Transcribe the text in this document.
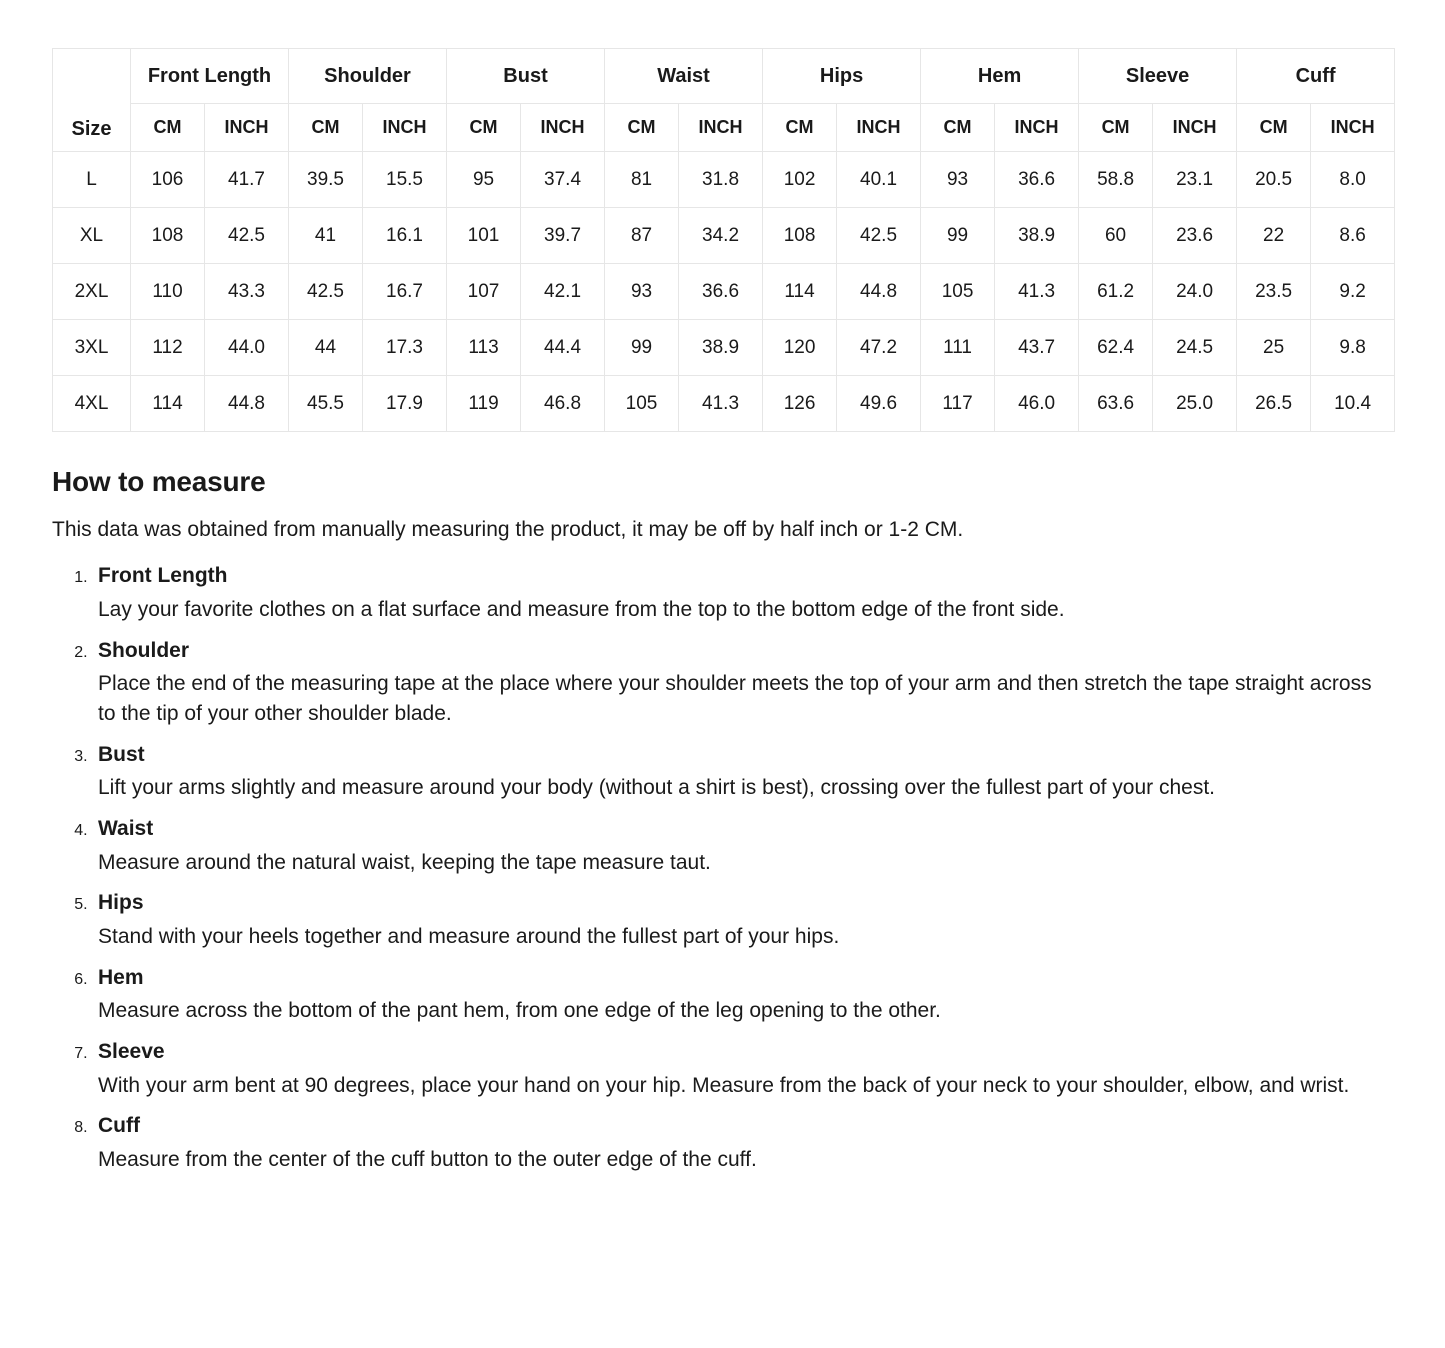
Size	Front Length		Shoulder		Bust		Waist		Hips		Hem		Sleeve		Cuff	
	CM	INCH	CM	INCH	CM	INCH	CM	INCH	CM	INCH	CM	INCH	CM	INCH	CM	INCH
L	106	41.7	39.5	15.5	95	37.4	81	31.8	102	40.1	93	36.6	58.8	23.1	20.5	8.0
XL	108	42.5	41	16.1	101	39.7	87	34.2	108	42.5	99	38.9	60	23.6	22	8.6
2XL	110	43.3	42.5	16.7	107	42.1	93	36.6	114	44.8	105	41.3	61.2	24.0	23.5	9.2
3XL	112	44.0	44	17.3	113	44.4	99	38.9	120	47.2	111	43.7	62.4	24.5	25	9.8
4XL	114	44.8	45.5	17.9	119	46.8	105	41.3	126	49.6	117	46.0	63.6	25.0	26.5	10.4
How to measure

This data was obtained from manually measuring the product, it may be off by half inch or 1-2 CM.

1. Front Length
Lay your favorite clothes on a flat surface and measure from the top to the bottom edge of the front side.
2. Shoulder
Place the end of the measuring tape at the place where your shoulder meets the top of your arm and then stretch the tape straight across to the tip of your other shoulder blade.
3. Bust
Lift your arms slightly and measure around your body (without a shirt is best), crossing over the fullest part of your chest.
4. Waist
Measure around the natural waist, keeping the tape measure taut.
5. Hips
Stand with your heels together and measure around the fullest part of your hips.
6. Hem
Measure across the bottom of the pant hem, from one edge of the leg opening to the other.
7. Sleeve
With your arm bent at 90 degrees, place your hand on your hip. Measure from the back of your neck to your shoulder, elbow, and wrist.
8. Cuff
Measure from the center of the cuff button to the outer edge of the cuff.
